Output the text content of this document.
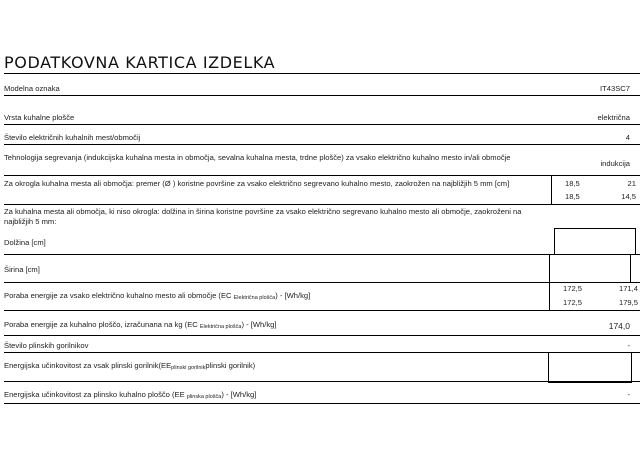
PODATKOVNA KARTICA IZDELKA
Modelna oznaka	IT43SC7
Vrsta kuhalne plošče	električna
Število električnih kuhalnih mest/območij	4
Tehnologija segrevanja (indukcijska kuhalna mesta in območja, sevalna kuhalna mesta, trdne plošče) za vsako električno kuhalno mesto in/ali območje
indukcija
Za okrogla kuhalna mesta ali območja: premer (Ø ) koristne površine za vsako električno segrevano kuhalno mesto, zaokrožen na najbližjih 5 mm [cm]	18,5	21
18,5	14,5
Za kuhalna mesta ali območja, ki niso okrogla: dolžina in širina koristne površine za vsako električno segrevano kuhalno mesto ali območje, zaokroženi na najbližjih 5 mm:
Dolžina [cm]
Širina [cm]
Poraba energije za vsako električno kuhalno mesto ali območje (EC $_{Električna plošča}$) - [Wh/kg]
172,5	171,4
172,5	179,5
Poraba energije za kuhalno ploščo, izračunana na kg (EC $_{Električna plošča}$) - [Wh/kg]	174,0
Število plinskih gorilnikov	-
Energijska učinkovitost za vsak plinski $gorilnik(EE_{plinski gorilnik}plinski$ gorilnik)
Energijska učinkovitost za plinsko kuhalno ploščo (EE $_{plinska plošča}$) - [Wh/kg]	-
